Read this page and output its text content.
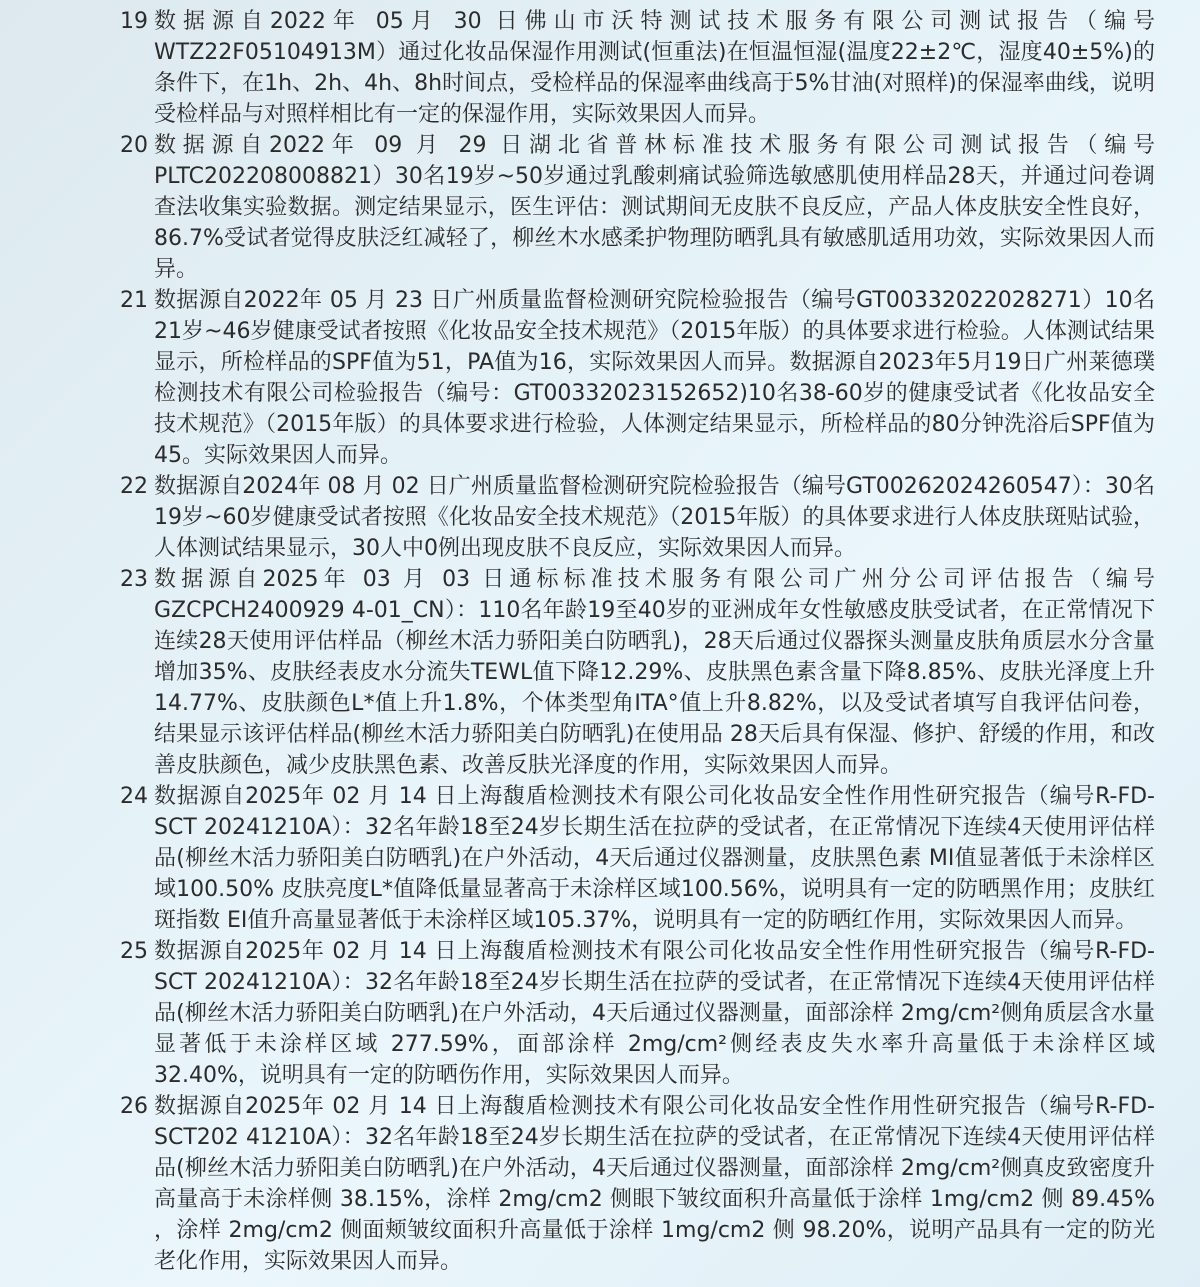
19 数据源自2022年 05月 30 日佛山市沃特测试技术服务有限公司测试报告（编号WTZ22F05104913M）通过化妆品保湿作用测试(恒重法)在恒温恒湿(温度22±2℃，湿度40±5%)的条件下，在1h、2h、4h、8h时间点，受检样品的保湿率曲线高于5%甘油(对照样)的保湿率曲线，说明受检样品与对照样相比有一定的保湿作用，实际效果因人而异。
20 数据源自2022年 09 月 29 日湖北省普林标准技术服务有限公司测试报告（编号PLTC202208008821）30名19岁~50岁通过乳酸刺痛试验筛选敏感肌使用样品28天，并通过问卷调查法收集实验数据。测定结果显示，医生评估：测试期间无皮肤不良反应，产品人体皮肤安全性良好，86.7%受试者觉得皮肤泛红减轻了，柳丝木水感柔护物理防晒乳具有敏感肌适用功效，实际效果因人而异。
21 数据源自2022年 05 月 23 日广州质量监督检测研究院检验报告（编号GT00332022028271）10名21岁~46岁健康受试者按照《化妆品安全技术规范》（2015年版）的具体要求进行检验。人体测试结果显示，所检样品的SPF值为51，PA值为16，实际效果因人而异。数据源自2023年5月19日广州莱德璞检测技术有限公司检验报告（编号：GT00332023152652)10名38-60岁的健康受试者《化妆品安全技术规范》（2015年版）的具体要求进行检验，人体测定结果显示，所检样品的80分钟洗浴后SPF值为45。实际效果因人而异。
22 数据源自2024年 08 月 02 日广州质量监督检测研究院检验报告（编号GT00262024260547）：30名19岁~60岁健康受试者按照《化妆品安全技术规范》（2015年版）的具体要求进行人体皮肤斑贴试验，人体测试结果显示，30人中0例出现皮肤不良反应，实际效果因人而异。
23 数据源自2025年 03 月 03 日通标标准技术服务有限公司广州分公司评估报告（编号GZCPCH2400929 4-01_CN）：110名年龄19至40岁的亚洲成年女性敏感皮肤受试者，在正常情况下连续28天使用评估样品（柳丝木活力骄阳美白防晒乳)，28天后通过仪器探头测量皮肤角质层水分含量增加35%、皮肤经表皮水分流失TEWL值下降12.29%、皮肤黑色素含量下降8.85%、皮肤光泽度上升14.77%、皮肤颜色L*值上升1.8%，个体类型角ITA°值上升8.82%，以及受试者填写自我评估问卷，结果显示该评估样品(柳丝木活力骄阳美白防晒乳)在使用品 28天后具有保湿、修护、舒缓的作用，和改善皮肤颜色，减少皮肤黑色素、改善反肤光泽度的作用，实际效果因人而异。
24 数据源自2025年 02 月 14 日上海馥盾检测技术有限公司化妆品安全性作用性研究报告（编号R-FD-SCT 20241210A）：32名年龄18至24岁长期生活在拉萨的受试者，在正常情况下连续4天使用评估样品(柳丝木活力骄阳美白防晒乳)在户外活动，4天后通过仪器测量，皮肤黑色素 MI值显著低于未涂样区域100.50% 皮肤亮度L*值降低量显著高于未涂样区域100.56%，说明具有一定的防晒黑作用；皮肤红斑指数 EI值升高量显著低于未涂样区域105.37%，说明具有一定的防晒红作用，实际效果因人而异。
25 数据源自2025年 02 月 14 日上海馥盾检测技术有限公司化妆品安全性作用性研究报告（编号R-FD-SCT 20241210A）：32名年龄18至24岁长期生活在拉萨的受试者，在正常情况下连续4天使用评估样品(柳丝木活力骄阳美白防晒乳)在户外活动，4天后通过仪器测量，面部涂样 2mg/cm²侧角质层含水量显著低于未涂样区域 277.59%，面部涂样 2mg/cm²侧经表皮失水率升高量低于未涂样区域 32.40%，说明具有一定的防晒伤作用，实际效果因人而异。
26 数据源自2025年 02 月 14 日上海馥盾检测技术有限公司化妆品安全性作用性研究报告（编号R-FD-SCT202 41210A）：32名年龄18至24岁长期生活在拉萨的受试者，在正常情况下连续4天使用评估样品(柳丝木活力骄阳美白防晒乳)在户外活动，4天后通过仪器测量，面部涂样 2mg/cm²侧真皮致密度升高量高于未涂样侧 38.15%，涂样 2mg/cm2 侧眼下皱纹面积升高量低于涂样 1mg/cm2 侧 89.45% ，涂样 2mg/cm2 侧面颊皱纹面积升高量低于涂样 1mg/cm2 侧 98.20%，说明产品具有一定的防光老化作用，实际效果因人而异。
